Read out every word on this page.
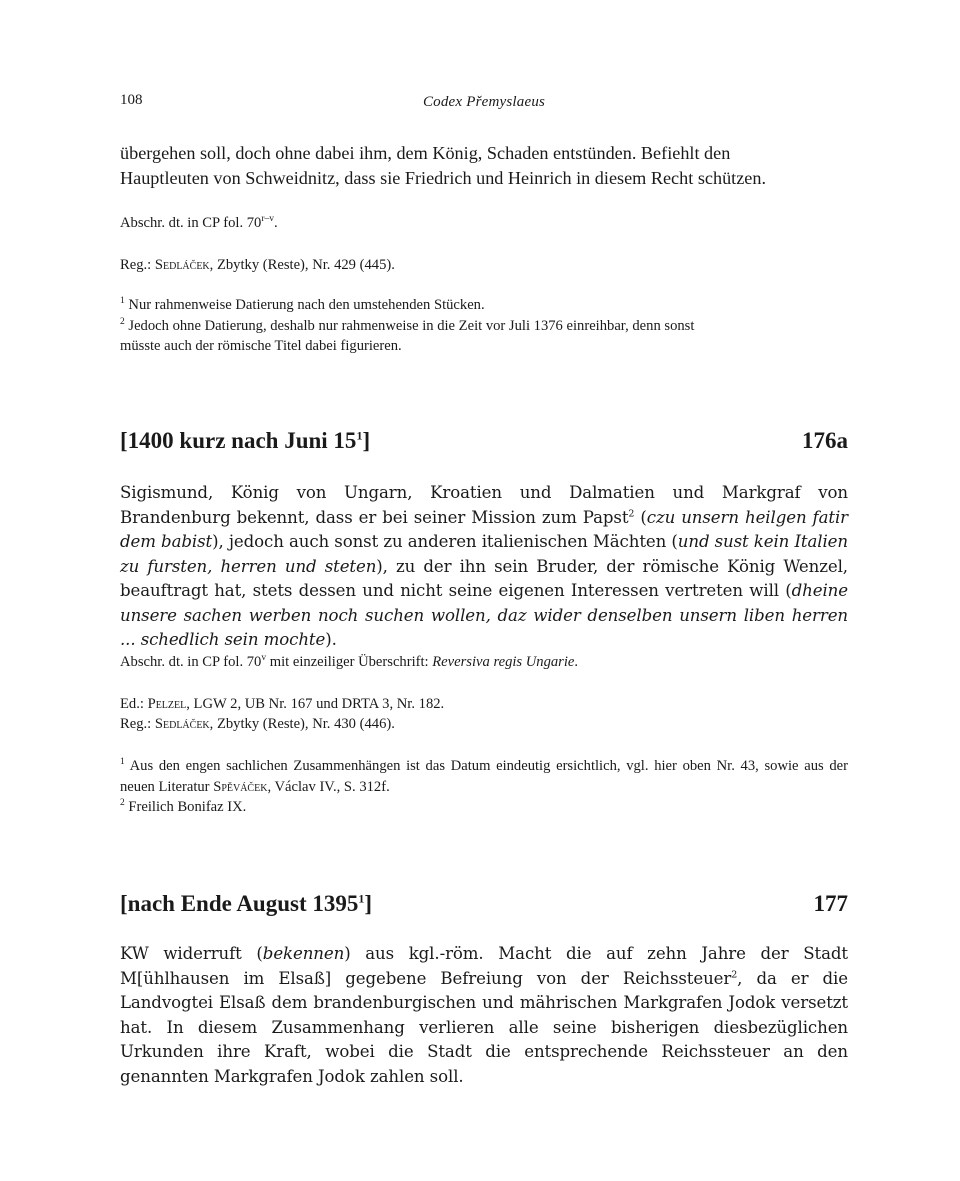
108	Codex Přemyslaeus

übergehen soll, doch ohne dabei ihm, dem König, Schaden entstünden. Befiehlt den
Hauptleuten von Schweidnitz, dass sie Friedrich und Heinrich in diesem Recht schützen.

Abschr. dt. in CP fol. 70$^{r-v}$.

Reg.: Sedláček, Zbytky (Reste), Nr. 429 (445).

$^1$ Nur rahmenweise Datierung nach den umstehenden Stücken.

$^2$ Jedoch ohne Datierung, deshalb nur rahmenweise in die Zeit vor Juli 1376 einreihbar, denn sonst
müsste auch der römische Titel dabei figurieren.

[1400 kurz nach Juni $15^1$]	176a

Sigismund, König von Ungarn, Kroatien und Dalmatien und Markgraf von Brandenburg bekennt, dass er bei seiner Mission zum Papst$^2$ (czu unsern heilgen fatir dem babist), jedoch auch sonst zu anderen italienischen Mächten (und sust kein Italien zu fursten, herren und steten), zu der ihn sein Bruder, der römische König Wenzel, beauftragt hat, stets dessen und nicht seine eigenen Interessen vertreten will (dheine unsere sachen werben noch suchen wollen, daz wider denselben unsern liben herren ... schedlich sein mochte).

Abschr. dt. in CP fol. 70$^v$ mit einzeiliger Überschrift: Reversiva regis Ungarie.

Ed.: Pelzel, LGW 2, UB Nr. 167 und DRTA 3, Nr. 182.

Reg.: Sedláček, Zbytky (Reste), Nr. 430 (446).

$^1$ Aus den engen sachlichen Zusammenhängen ist das Datum eindeutig ersichtlich, vgl. hier oben Nr. 43, sowie aus der neuen Literatur Spěváček, Václav IV., S. 312f.

$^2$ Freilich Bonifaz IX.

[nach Ende August 1395$^1$]	177

KW widerruft (bekennen) aus kgl.-röm. Macht die auf zehn Jahre der Stadt M[ühlhausen im Elsaß] gegebene Befreiung von der Reichssteuer$^2$, da er die Landvogtei Elsaß dem brandenburgischen und mährischen Markgrafen Jodok versetzt hat. In diesem Zusammenhang verlieren alle seine bisherigen diesbezüglichen Urkunden ihre Kraft, wobei die Stadt die entsprechende Reichssteuer an den genannten Markgrafen Jodok zahlen soll.
